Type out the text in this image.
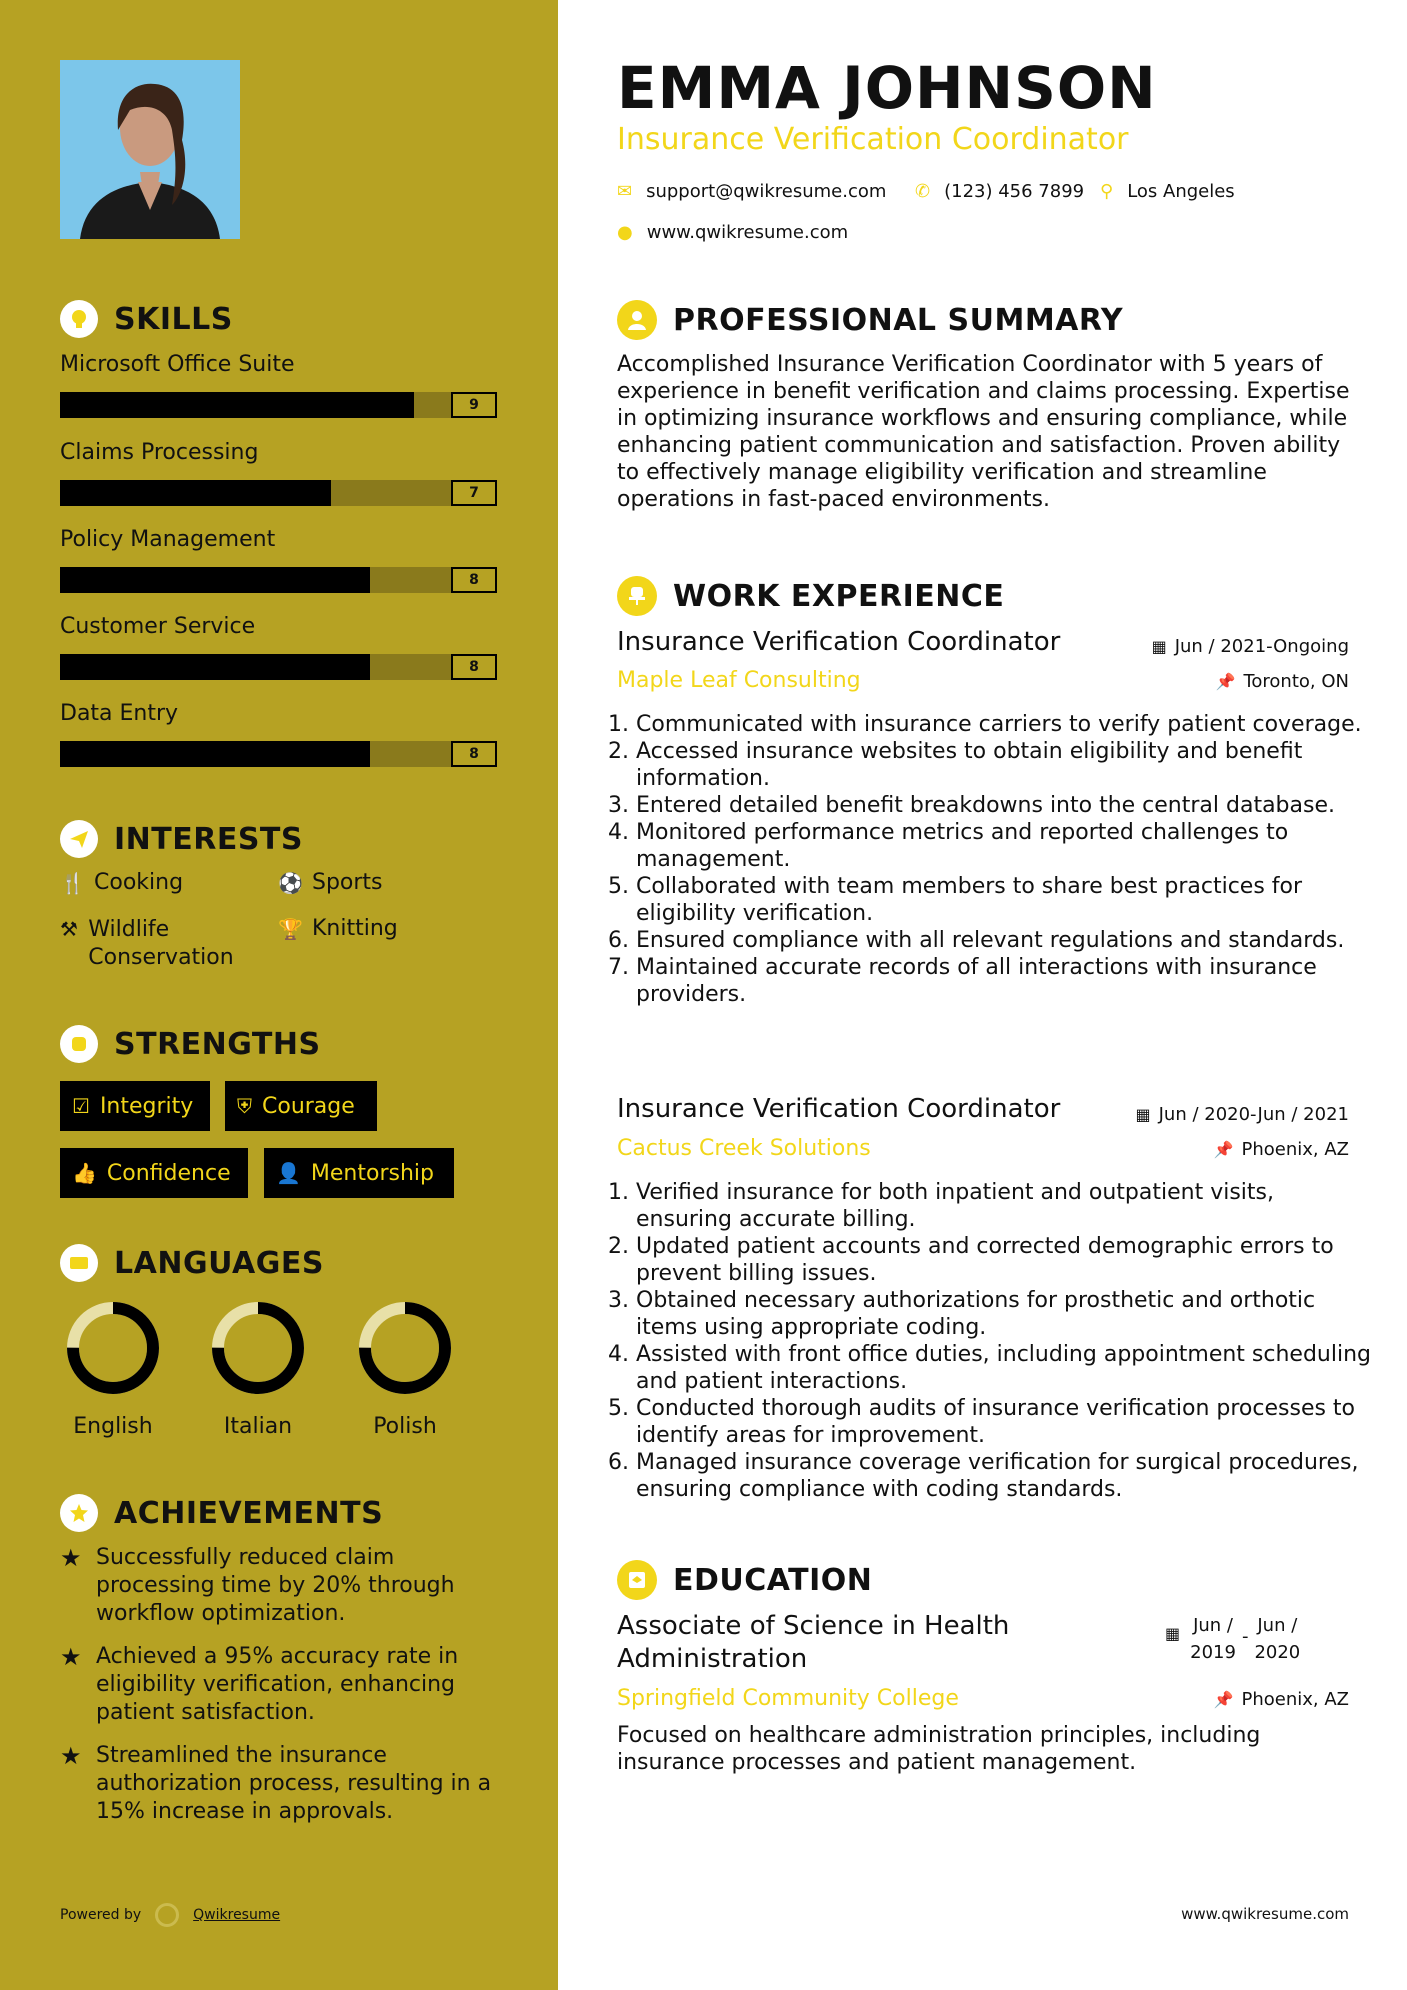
SKILLS
Microsoft Office Suite
9
Claims Processing
7
Policy Management
8
Customer Service
8
Data Entry
8
INTERESTS
🍴 Cooking	⚽ Sports
⚒ Wildlife Conservation
🏆 Knitting
STRENGTHS
☑ Integrity ⛨ Courage
👍 Confidence 👤 Mentorship
LANGUAGES
English	Italian	Polish
ACHIEVEMENTS
★ Successfully reduced claim processing time by 20% through workflow optimization.
★ Achieved a 95% accuracy rate in eligibility verification, enhancing patient satisfaction.
★ Streamlined the insurance authorization process, resulting in a 15% increase in approvals.
Powered by	Qwikresume
EMMA JOHNSON
Insurance Verification Coordinator
✉ support@qwikresume.com ✆ (123) 456 7899 ⚲ Los Angeles
● www.qwikresume.com
PROFESSIONAL SUMMARY
Accomplished Insurance Verification Coordinator with 5 years of experience in benefit verification and claims processing. Expertise in optimizing insurance workflows and ensuring compliance, while enhancing patient communication and satisfaction. Proven ability to effectively manage eligibility verification and streamline operations in fast-paced environments.
WORK EXPERIENCE
Insurance Verification Coordinator	▦ Jun / 2021-Ongoing
Maple Leaf Consulting	📌 Toronto, ON
1. Communicated with insurance carriers to verify patient coverage.
2. Accessed insurance websites to obtain eligibility and benefit information.
3. Entered detailed benefit breakdowns into the central database.
4. Monitored performance metrics and reported challenges to management.
5. Collaborated with team members to share best practices for eligibility verification.
6. Ensured compliance with all relevant regulations and standards.
7. Maintained accurate records of all interactions with insurance providers.
Insurance Verification Coordinator	▦ Jun / 2020-Jun / 2021
Cactus Creek Solutions	📌 Phoenix, AZ
1. Verified insurance for both inpatient and outpatient visits, ensuring accurate billing.
2. Updated patient accounts and corrected demographic errors to prevent billing issues.
3. Obtained necessary authorizations for prosthetic and orthotic items using appropriate coding.
4. Assisted with front office duties, including appointment scheduling and patient interactions.
5. Conducted thorough audits of insurance verification processes to identify areas for improvement.
6. Managed insurance coverage verification for surgical procedures, ensuring compliance with coding standards.
EDUCATION
Associate of Science in Health Administration
▦ Jun /
2019
-
Jun /
2020
Springfield Community College	📌 Phoenix, AZ
Focused on healthcare administration principles, including insurance processes and patient management.
www.qwikresume.com
